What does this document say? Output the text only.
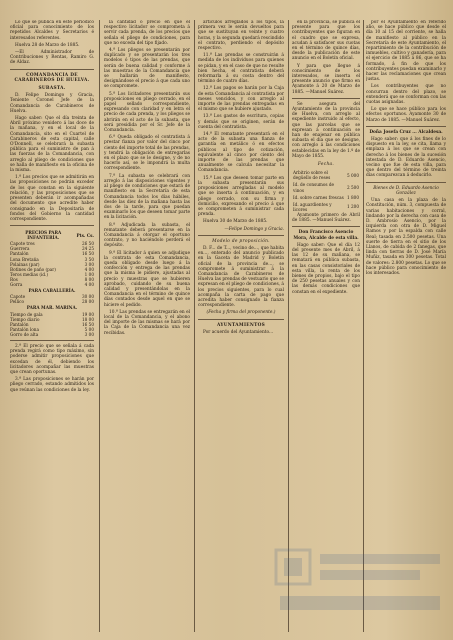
Lo que se publica en este periódico oficial para conocimiento de los repetidos Alcaldes y Secretarios é interesados referentes.

Huelva 28 de Marzo de 1885.

—El Administrador de Contribuciones y Rentas, Ramiro G. de Aldaz.

COMANDANCIA DE CARABINEROS DE HUELVA.

SUBASTA.

D. Felipe Domingo y Gracia, Teniente Coronel Jefe de la Comandancia de Carabineros de Huelva.

Hago saber: Que el día treinta de Abril próximo venidero á las doce de la mañana, y en el local de la Comandancia, sito en el Cuartel de Carabineros de esta capital, calle O'Donnell, se celebrará la subasta pública para el suministro de pan á las fuerzas de la Comandancia, con arreglo al pliego de condiciones que se halla de manifiesto en la oficina de la misma.

1.ª Los precios que se admitirán en las proposiciones no podrán exceder de los que constan en la siguiente relación, y las proposiciones que se presenten deberán ir acompañadas del documento que acredite haber consignado en la Depositaría de fondos del Gobierno la cantidad correspondiente.

PRECIOS PARA INFANTERÍA.	Pts. Cs.
Capote tres	26 50
Guerrera	24 25
Pantalón	16 50
Lona Bretaña	3 50
Polainas (par)	3 00
Botines de paño (par)	4 00
Teros medias (id.)	1 00
Ros	8 00
Gorra	4 00
PARA CABALLERÍA.	
Capote	30 00
Pellico	28 00
PARA MAR. MARINA.	
Tiempo de gala	19 00
Tiempo diario	18 00
Pantalón	16 50
Pantalón lona	5 00
Gorro de alta	3 00

2.ª El precio que se señala á cada prenda regirá como tipo máximo, sin poderse admitir proposiciones que excedan de él, debiendo los licitadores acompañar las muestras que crean oportunas.

3.ª Las proposiciones se harán por pliego cerrado, estando admitidos los que reúnan las condiciones de la ley.

la cantidad ó precio en que el respectivo licitador se comprometa á servir cada prenda, de los precios que señala el pliego de condiciones, para que no exceda del tipo fijado.

4.ª Los pliegos se presentarán por duplicado y se presentarán los tres modelos ó tipos de las prendas, que serán de buena calidad y conforme á las muestras de la Comandancia que se hallarán de manifiesto, designándose el precio á que cada uno se compromete.

5.ª Los licitadores presentarán sus proposiciones en pliego cerrado, en el papel sellado correspondiente, expresando con claridad y en letra el precio de cada prenda, y los pliegos se abrirán en el acto de la subasta, que será presidida por el Sr. Jefe de la Comandancia.

6.ª Queda obligado el contratista á prestar fianza por valor del cinco por ciento del importe total de las prendas, y tendrá la obligación de entregarlas en el plazo que se le designe, y de no hacerlo así, se le impondrá la multa correspondiente.

7.ª La subasta se celebrará con arreglo á las disposiciones vigentes y al pliego de condiciones que estará de manifiesto en la Secretaría de esta Comandancia todos los días hábiles, desde las diez de la mañana hasta las dos de la tarde, para que puedan examinarlo los que deseen tomar parte en la licitación.

8.ª Adjudicada la subasta, el rematante deberá presentarse en la Comandancia á otorgar el oportuno contrato, y no haciéndolo perderá el depósito.

9.ª El licitador á quien se adjudique la contrata de esta Comandancia, queda obligado desde luego á la confección y entrega de las prendas que la misma le pidiere, ajustadas al precio y muestras que se hubieren aprobado, cuidando de su buena calidad y presentándolas en la Comandancia en el término de quince días contados desde aquel en que se hiciere el pedido.

10.ª Las prendas se entregarán en el local de la Comandancia, y el abono del importe de las mismas se hará por la Caja de la Comandancia una vez recibidas.

artículos arreglados á los tipos, la primera vez le serán devueltos para que se sustituyan en veinte y cuatro horas, y la segunda quedará rescindido el contrato, perdiendo el depósito respectivo.

11.ª Las prendas se construirán á medida de los individuos para quienes se pidan, y en el caso de que no resulte bien hecha, el contratista deberá reformarla á su costa dentro del término de cuatro días.

12.ª Los pagos se harán por la Caja de esta Comandancia al contratista por meses vencidos, y con arreglo al importe de las prendas entregadas en el mismo que se hubiere ajustado.

13.ª Los gastos de escritura, copias y demás que se originen, serán de cuenta del contratista.

14.ª El rematante presentará en el acto de la subasta una fianza de garantía en metálico ó en efectos públicos al tipo de cotización, equivalente al cinco por ciento del importe de las prendas que anualmente se calcula necesitar la Comandancia.

15.ª Los que deseen tomar parte en la subasta presentarán sus proposiciones arregladas al modelo que se inserta á continuación, y en pliego cerrado, con su firma y domicilio, expresando el precio á que se comprometen á suministrar cada prenda.

Huelva 30 de Marzo de 1885.

—Felipe Domingo y Gracia.

Modelo de proposición.

D. F... de T..., vecino de..., que habita en..., enterado del anuncio publicado en la Gaceta de Madrid y Boletín oficial de la provincia de..., se compromete á suministrar á la Comandancia de Carabineros de Huelva las prendas de vestuario que se expresan en el pliego de condiciones, á los precios siguientes, para lo cual acompaña la carta de pago que acredita haber consignado la fianza correspondiente.

(Fecha y firma del proponente.)

AYUNTAMIENTOS

Por acuerdo del Ayuntamiento...

en la provincia, se publica el presente para que los contribuyentes que figuran en el cuadro que se expresa, acudan á satisfacer sus cuotas en el término de quince días, desde la publicación de este anuncio en el Boletín oficial.

Y para que llegue á conocimiento de los interesados, se inserta el presente anuncio que firmo en Ayamonte á 20 de Marzo de 1885. —Manuel Suárez.

Se asegura del Ayuntamiento de la provincia de Huelva, con arreglo al expediente instruido al efecto, que las parcelas que se expresan á continuación se han de enajenar en pública subasta el día que se designe, con arreglo á las condiciones establecidas en la ley de 1.º de Mayo de 1855.

Fecha.

Arbitrio sobre el degüello de reses	5 000
Id. de consumos de vinos	2 500
Id. sobre carnes frescas	1 800
Id. aguardientes y licores	1 200

Ayamonte primero de Abril de 1885. —Manuel Suárez.

Don Francisco Asencio Mora, Alcalde de esta villa.

Hago saber: Que el día 12 del presente mes de Abril, á las 12 de su mañana, se rematará en pública subasta, en las casas consistoriales de esta villa, la renta de los bienes de propios, bajo el tipo de 250 pesetas anuales y con las demás condiciones que constan en el expediente.

por el Ayuntamiento en referido año, se hace público que desde el día 10 al 15 del corriente, se halla de manifiesto al público en la Secretaría de este Ayuntamiento, el repartimiento de la contribución de inmuebles, cultivo y ganadería, para el ejercicio de 1885 á 86, que se ha formado, á fin de que los contribuyentes puedan examinarlo y hacer las reclamaciones que crean justas.

Los contribuyentes que no concurran dentro del plazo, se entenderá que se conforman con las cuotas asignadas.

Lo que se hace público para los efectos oportunos. Ayamonte 30 de Marzo de 1885. —Manuel Suárez.

Doña Josefa Cruz ... Alcaldesa.

Hago saber: que á los fines de lo dispuesto en la ley, se cita, llama y emplaza á los que se crean con derecho á los bienes de la sucesión intestada de D. Eduardo Asencio, vecino que fue de esta villa, para que dentro del término de treinta días comparezcan á deducirlo.

Bienes de D. Eduardo Asencio González

Una casa en la plaza de la Constitución, núm. 3, compuesta de varias habitaciones y corral, lindando por la derecha con casa de D. Ambrosio Asencio, por la izquierda con otra de D. Miguel Ramos y por la espalda con calle Real; tasada en 2.500 pesetas. Una suerte de tierra en el sitio de los Llanos, de cabida de 2 fanegas, que linda con tierras de D. José María Muñiz, tasada en 300 pesetas. Total de valores: 2.800 pesetas. Lo que se hace público para conocimiento de los interesados.
